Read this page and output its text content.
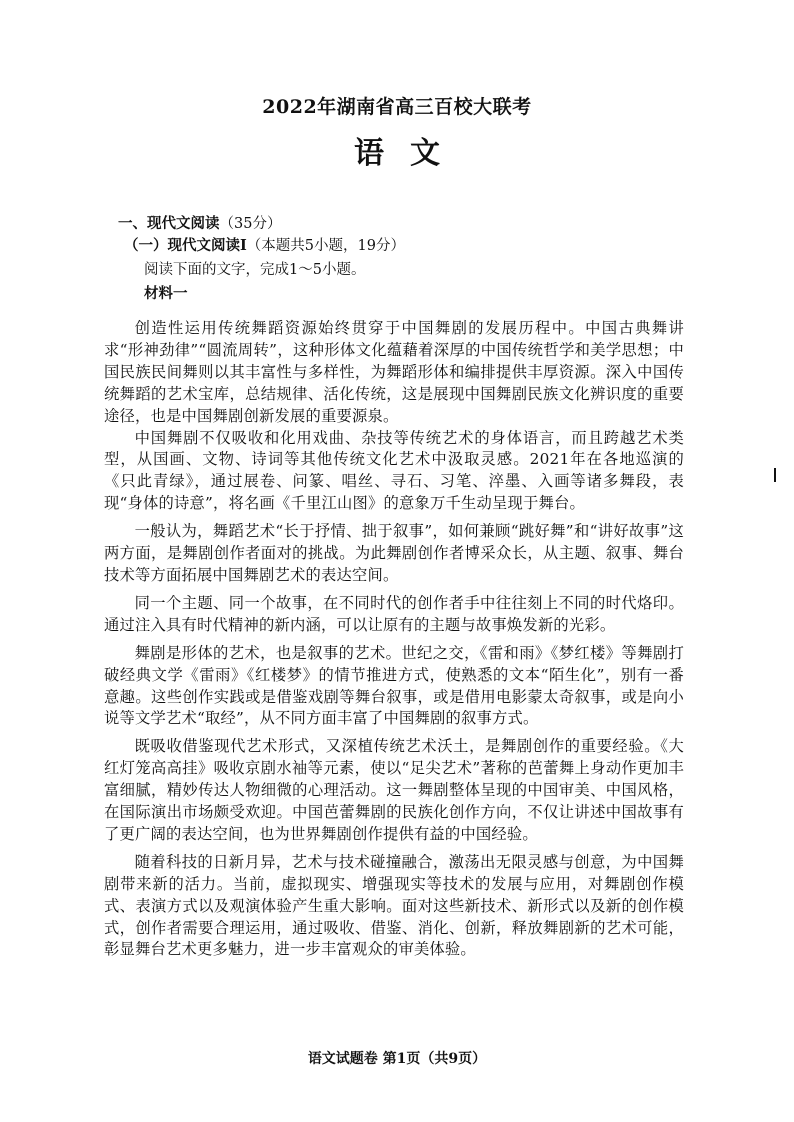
2022年湖南省高三百校大联考
语文
一、现代文阅读（35分）
（一）现代文阅读Ⅰ（本题共5小题，19分）
阅读下面的文字，完成1～5小题。
材料一

创造性运用传统舞蹈资源始终贯穿于中国舞剧的发展历程中。中国古典舞讲求“形神劲律”“圆流周转”，这种形体文化蕴藉着深厚的中国传统哲学和美学思想；中国民族民间舞则以其丰富性与多样性，为舞蹈形体和编排提供丰厚资源。深入中国传统舞蹈的艺术宝库，总结规律、活化传统，这是展现中国舞剧民族文化辨识度的重要途径，也是中国舞剧创新发展的重要源泉。

中国舞剧不仅吸收和化用戏曲、杂技等传统艺术的身体语言，而且跨越艺术类型，从国画、文物、诗词等其他传统文化艺术中汲取灵感。2021年在各地巡演的《只此青绿》，通过展卷、问篆、唱丝、寻石、习笔、淬墨、入画等诸多舞段，表现“身体的诗意”，将名画《千里江山图》的意象万千生动呈现于舞台。

一般认为，舞蹈艺术“长于抒情、拙于叙事”，如何兼顾“跳好舞”和“讲好故事”这两方面，是舞剧创作者面对的挑战。为此舞剧创作者博采众长，从主题、叙事、舞台技术等方面拓展中国舞剧艺术的表达空间。

同一个主题、同一个故事，在不同时代的创作者手中往往刻上不同的时代烙印。通过注入具有时代精神的新内涵，可以让原有的主题与故事焕发新的光彩。

舞剧是形体的艺术，也是叙事的艺术。世纪之交，《雷和雨》《梦红楼》等舞剧打破经典文学《雷雨》《红楼梦》的情节推进方式，使熟悉的文本“陌生化”，别有一番意趣。这些创作实践或是借鉴戏剧等舞台叙事，或是借用电影蒙太奇叙事，或是向小说等文学艺术“取经”，从不同方面丰富了中国舞剧的叙事方式。

既吸收借鉴现代艺术形式，又深植传统艺术沃土，是舞剧创作的重要经验。《大红灯笼高高挂》吸收京剧水袖等元素，使以“足尖艺术”著称的芭蕾舞上身动作更加丰富细腻，精妙传达人物细微的心理活动。这一舞剧整体呈现的中国审美、中国风格，在国际演出市场颇受欢迎。中国芭蕾舞剧的民族化创作方向，不仅让讲述中国故事有了更广阔的表达空间，也为世界舞剧创作提供有益的中国经验。

随着科技的日新月异，艺术与技术碰撞融合，激荡出无限灵感与创意，为中国舞剧带来新的活力。当前，虚拟现实、增强现实等技术的发展与应用，对舞剧创作模式、表演方式以及观演体验产生重大影响。面对这些新技术、新形式以及新的创作模式，创作者需要合理运用，通过吸收、借鉴、消化、创新，释放舞剧新的艺术可能，彰显舞台艺术更多魅力，进一步丰富观众的审美体验。

语文试题卷 第1页（共9页）
